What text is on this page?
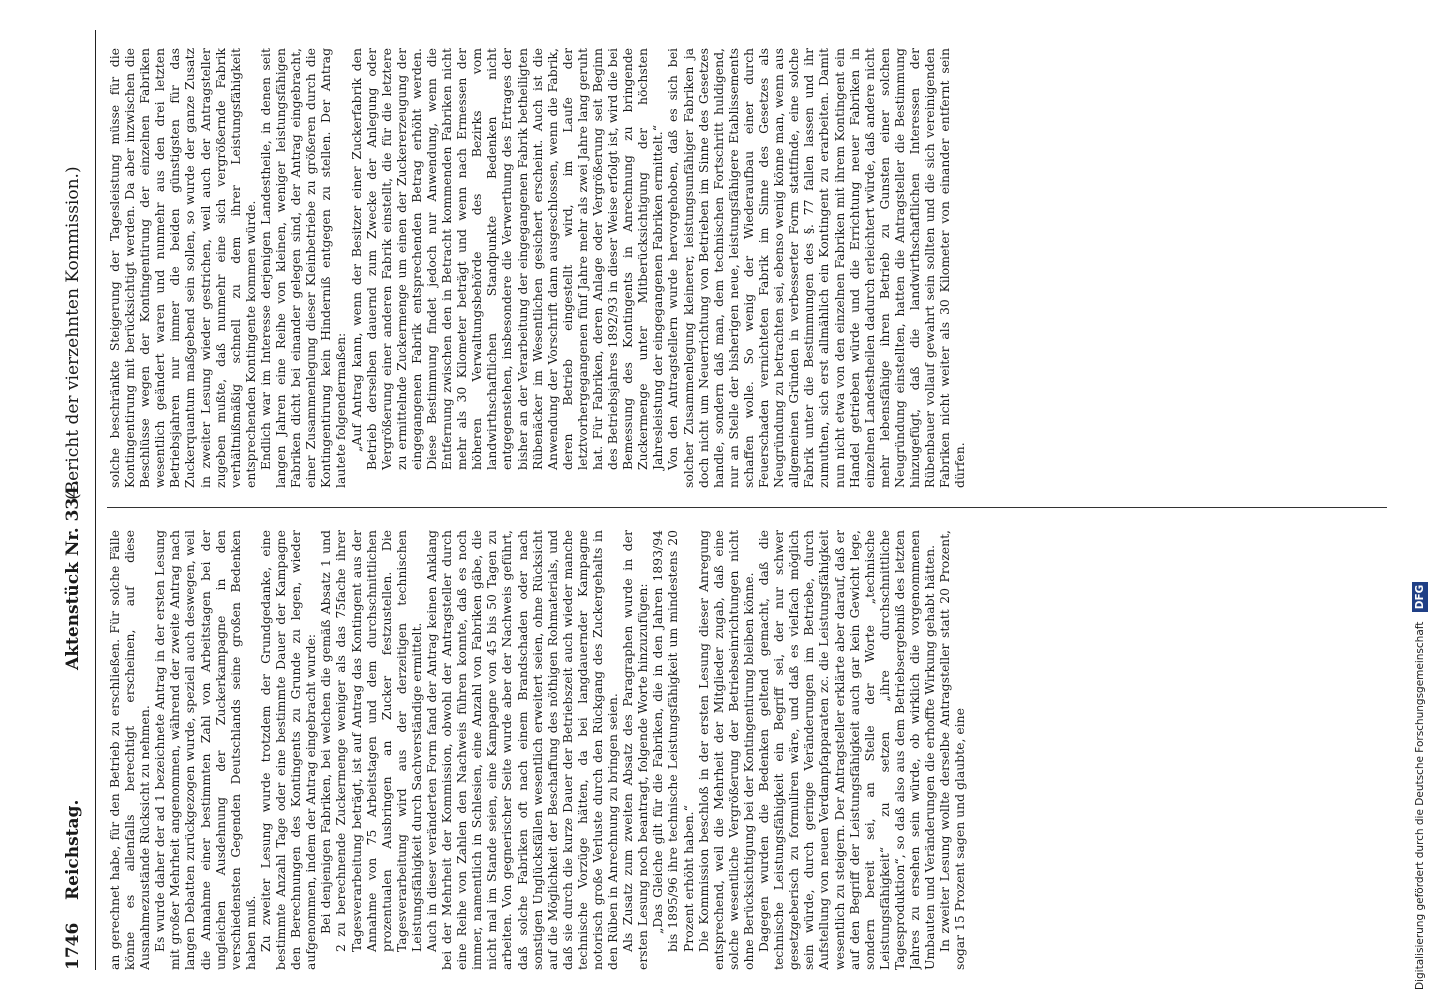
1746
Reichstag.
Aktenstück Nr. 334.
(Bericht der vierzehnten Kommission.)

an gerechnet habe, für den Betrieb zu erschließen. Für solche Fälle könne es allenfalls berechtigt erscheinen, auf diese Ausnahmezustände Rücksicht zu nehmen. Es wurde daher der ad 1 bezeichnete Antrag in der ersten Lesung mit großer Mehrheit angenommen, während der zweite Antrag nach langen Debatten zurückgezogen wurde, speziell auch deswegen, weil die Annahme einer bestimmten Zahl von Arbeitstagen bei der ungleichen Ausdehnung der Zuckerkampagne in den verschiedensten Gegenden Deutschlands seine großen Bedenken haben muß. Zu zweiter Lesung wurde trotzdem der Grundgedanke, eine bestimmte Anzahl Tage oder eine bestimmte Dauer der Kampagne den Berechnungen des Kontingents zu Grunde zu legen, wieder aufgenommen, indem der Antrag eingebracht wurde: Bei denjenigen Fabriken, bei welchen die gemäß Absatz 1 und 2 zu berechnende Zuckermenge weniger als das 75fache ihrer Tagesverarbeitung beträgt, ist auf Antrag das Kontingent aus der Annahme von 75 Arbeitstagen und dem durchschnittlichen prozentualen Ausbringen an Zucker festzustellen. Die Tagesverarbeitung wird aus der derzeitigen technischen Leistungsfähigkeit durch Sachverständige ermittelt. Auch in dieser veränderten Form fand der Antrag keinen Anklang bei der Mehrheit der Kommission, obwohl der Antragsteller durch eine Reihe von Zahlen den Nachweis führen konnte, daß es noch immer, namentlich in Schlesien, eine Anzahl von Fabriken gäbe, die nicht mal im Stande seien, eine Kampagne von 45 bis 50 Tagen zu arbeiten. Von gegnerischer Seite wurde aber der Nachweis geführt, daß solche Fabriken oft nach einem Brandschaden oder nach sonstigen Unglücksfällen wesentlich erweitert seien, ohne Rücksicht auf die Möglichkeit der Beschaffung des nöthigen Rohmaterials, und daß sie durch die kurze Dauer der Betriebszeit auch wieder manche technische Vorzüge hätten, da bei langdauernder Kampagne notorisch große Verluste durch den Rückgang des Zuckergehalts in den Rüben in Anrechnung zu bringen seien. Als Zusatz zum zweiten Absatz des Paragraphen wurde in der ersten Lesung noch beantragt, folgende Worte hinzuzufügen: „Das Gleiche gilt für die Fabriken, die in den Jahren 1893/94 bis 1895/96 ihre technische Leistungsfähigkeit um mindestens 20 Prozent erhöht haben.“ Die Kommission beschloß in der ersten Lesung dieser Anregung entsprechend, weil die Mehrheit der Mitglieder zugab, daß eine solche wesentliche Vergrößerung der Betriebseinrichtungen nicht ohne Berücksichtigung bei der Kontingentirung bleiben könne. Dagegen wurden die Bedenken geltend gemacht, daß die technische Leistungsfähigkeit ein Begriff sei, der nur schwer gesetzgeberisch zu formuliren wäre, und daß es vielfach möglich sein würde, durch geringe Veränderungen im Betriebe, durch Aufstellung von neuen Verdampfapparaten zc. die Leistungsfähigkeit wesentlich zu steigern. Der Antragsteller erklärte aber darauf, daß er auf den Begriff der Leistungsfähigkeit auch gar kein Gewicht lege, sondern bereit sei, an Stelle der Worte „technische Leistungsfähigkeit“ zu setzen „ihre durchschnittliche Tagesproduktion“, so daß also aus dem Betriebsergebniß des letzten Jahres zu ersehen sein würde, ob wirklich die vorgenommenen Umbauten und Veränderungen die erhoffte Wirkung gehabt hätten. In zweiter Lesung wollte derselbe Antragsteller statt 20 Prozent, sogar 15 Prozent sagen und glaubte, eine

solche beschränkte Steigerung der Tagesleistung müsse für die Kontingentirung mit berücksichtigt werden. Da aber inzwischen die Beschlüsse wegen der Kontingentirung der einzelnen Fabriken wesentlich geändert waren und nunmehr aus den drei letzten Betriebsjahren nur immer die beiden günstigsten für das Zuckerquantum maßgebend sein sollen, so wurde der ganze Zusatz in zweiter Lesung wieder gestrichen, weil auch der Antragsteller zugeben mußte, daß nunmehr eine sich vergrößernde Fabrik verhältnißmäßig schnell zu dem ihrer Leistungsfähigkeit entsprechenden Kontingente kommen würde. Endlich war im Interesse derjenigen Landestheile, in denen seit langen Jahren eine Reihe von kleinen, weniger leistungsfähigen Fabriken dicht bei einander gelegen sind, der Antrag eingebracht, einer Zusammenlegung dieser Kleinbetriebe zu größeren durch die Kontingentirung kein Hinderniß entgegen zu stellen. Der Antrag lautete folgendermaßen: „Auf Antrag kann, wenn der Besitzer einer Zuckerfabrik den Betrieb derselben dauernd zum Zwecke der Anlegung oder Vergrößerung einer anderen Fabrik einstellt, die für die letztere zu ermittelnde Zuckermenge um einen der Zuckererzeugung der eingegangenen Fabrik entsprechenden Betrag erhöht werden. Diese Bestimmung findet jedoch nur Anwendung, wenn die Entfernung zwischen den in Betracht kommenden Fabriken nicht mehr als 30 Kilometer beträgt und wenn nach Ermessen der höheren Verwaltungsbehörde des Bezirks vom landwirthschaftlichen Standpunkte Bedenken nicht entgegenstehen, insbesondere die Verwerthung des Ertrages der bisher an der Verarbeitung der eingegangenen Fabrik betheiligten Rübenäcker im Wesentlichen gesichert erscheint. Auch ist die Anwendung der Vorschrift dann ausgeschlossen, wenn die Fabrik, deren Betrieb eingestellt wird, im Laufe der letztvorhergegangenen fünf Jahre mehr als zwei Jahre lang geruht hat. Für Fabriken, deren Anlage oder Vergrößerung seit Beginn des Betriebsjahres 1892/93 in dieser Weise erfolgt ist, wird die bei Bemessung des Kontingents in Anrechnung zu bringende Zuckermenge unter Mitberücksichtigung der höchsten Jahresleistung der eingegangenen Fabriken ermittelt.“ Von den Antragstellern wurde hervorgehoben, daß es sich bei solcher Zusammenlegung kleinerer, leistungsunfähiger Fabriken ja doch nicht um Neuerrichtung von Betrieben im Sinne des Gesetzes handle, sondern daß man, dem technischen Fortschritt huldigend, nur an Stelle der bisherigen neue, leistungsfähigere Etablissements schaffen wolle. So wenig der Wiederaufbau einer durch Feuerschaden vernichteten Fabrik im Sinne des Gesetzes als Neugründung zu betrachten sei, ebenso wenig könne man, wenn aus allgemeinen Gründen in verbesserter Form stattfinde, eine solche Fabrik unter die Bestimmungen des §. 77 fallen lassen und ihr zumuthen, sich erst allmählich ein Kontingent zu erarbeiten. Damit nun nicht etwa von den einzelnen Fabriken mit ihrem Kontingent ein Handel getrieben würde und die Errichtung neuer Fabriken in einzelnen Landestheilen dadurch erleichtert würde, daß andere nicht mehr lebensfähige ihren Betrieb zu Gunsten einer solchen Neugründung einstellten, hatten die Antragsteller die Bestimmung hinzugefügt, daß die landwirthschaftlichen Interessen der Rübenbauer vollauf gewahrt sein sollten und die sich vereinigenden Fabriken nicht weiter als 30 Kilometer von einander entfernt sein dürfen.

Digitalisierung gefördert durch die Deutsche Forschungsgemeinschaft DFG
